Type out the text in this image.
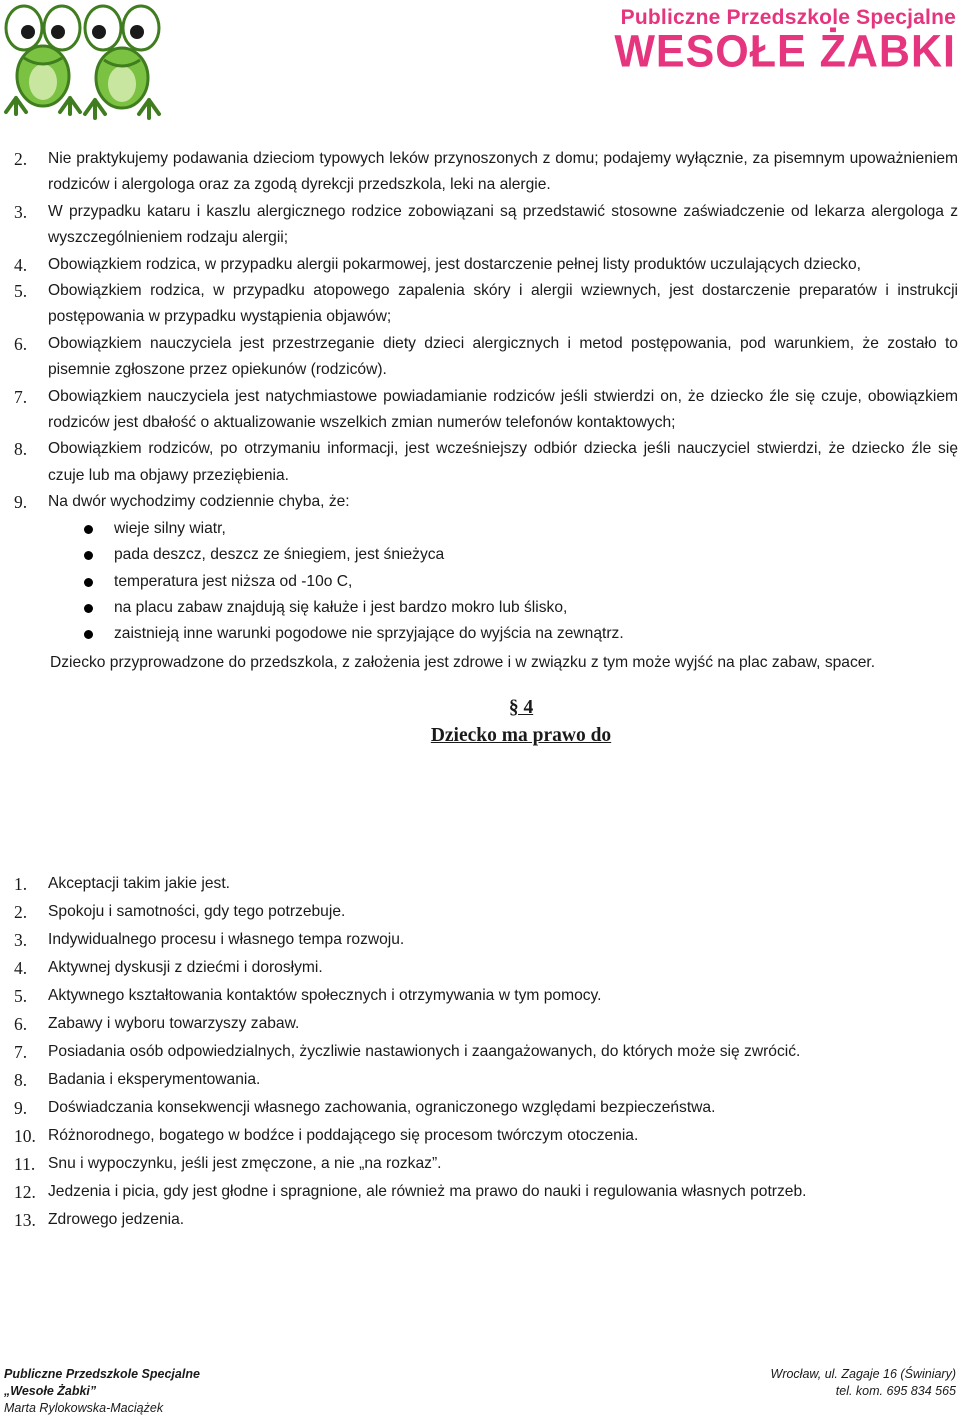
Publiczne Przedszkole Specjalne
WESOŁE ŻABKI
2. Nie praktykujemy podawania dzieciom typowych leków przynoszonych z domu; podajemy wyłącznie, za pisemnym upoważnieniem rodziców i alergologa oraz za zgodą dyrekcji przedszkola, leki na alergie.
3. W przypadku kataru i kaszlu alergicznego rodzice zobowiązani są przedstawić stosowne zaświadczenie od lekarza alergologa z wyszczególnieniem rodzaju alergii;
4. Obowiązkiem rodzica, w przypadku alergii pokarmowej, jest dostarczenie pełnej listy produktów uczulających dziecko,
5. Obowiązkiem rodzica, w przypadku atopowego zapalenia skóry i alergii wziewnych, jest dostarczenie preparatów i instrukcji postępowania w przypadku wystąpienia objawów;
6. Obowiązkiem nauczyciela jest przestrzeganie diety dzieci alergicznych i metod postępowania, pod warunkiem, że zostało to pisemnie zgłoszone przez opiekunów (rodziców).
7. Obowiązkiem nauczyciela jest natychmiastowe powiadamianie rodziców jeśli stwierdzi on, że dziecko źle się czuje, obowiązkiem rodziców jest dbałość o aktualizowanie wszelkich zmian numerów telefonów kontaktowych;
8. Obowiązkiem rodziców, po otrzymaniu informacji, jest wcześniejszy odbiór dziecka jeśli nauczyciel stwierdzi, że dziecko źle się czuje lub ma objawy przeziębienia.
9. Na dwór wychodzimy codziennie chyba, że:
wieje silny wiatr,
pada deszcz, deszcz ze śniegiem, jest śnieżyca
temperatura jest niższa od -10o C,
na placu zabaw znajdują się kałuże i jest bardzo mokro lub ślisko,
zaistnieją inne warunki pogodowe nie sprzyjające do wyjścia na zewnątrz.
Dziecko przyprowadzone do przedszkola, z założenia jest zdrowe i w związku z tym może wyjść na plac zabaw, spacer.
§ 4
Dziecko ma prawo do
1. Akceptacji takim jakie jest.
2. Spokoju i samotności, gdy tego potrzebuje.
3. Indywidualnego procesu i własnego tempa rozwoju.
4. Aktywnej dyskusji z dziećmi i dorosłymi.
5. Aktywnego kształtowania kontaktów społecznych i otrzymywania w tym pomocy.
6. Zabawy i wyboru towarzyszy zabaw.
7. Posiadania osób odpowiedzialnych, życzliwie nastawionych i zaangażowanych, do których może się zwrócić.
8. Badania i eksperymentowania.
9. Doświadczania konsekwencji własnego zachowania, ograniczonego względami bezpieczeństwa.
10. Różnorodnego, bogatego w bodźce i poddającego się procesom twórczym otoczenia.
11. Snu i wypoczynku, jeśli jest zmęczone, a nie „na rozkaz”.
12. Jedzenia i picia, gdy jest głodne i spragnione, ale również ma prawo do nauki i regulowania własnych potrzeb.
13. Zdrowego jedzenia.
Publiczne Przedszkole Specjalne
„Wesołe Żabki”
Marta Rylokowska-Maciążek
Wrocław, ul. Zagaje 16 (Świniary)
tel. kom. 695 834 565
